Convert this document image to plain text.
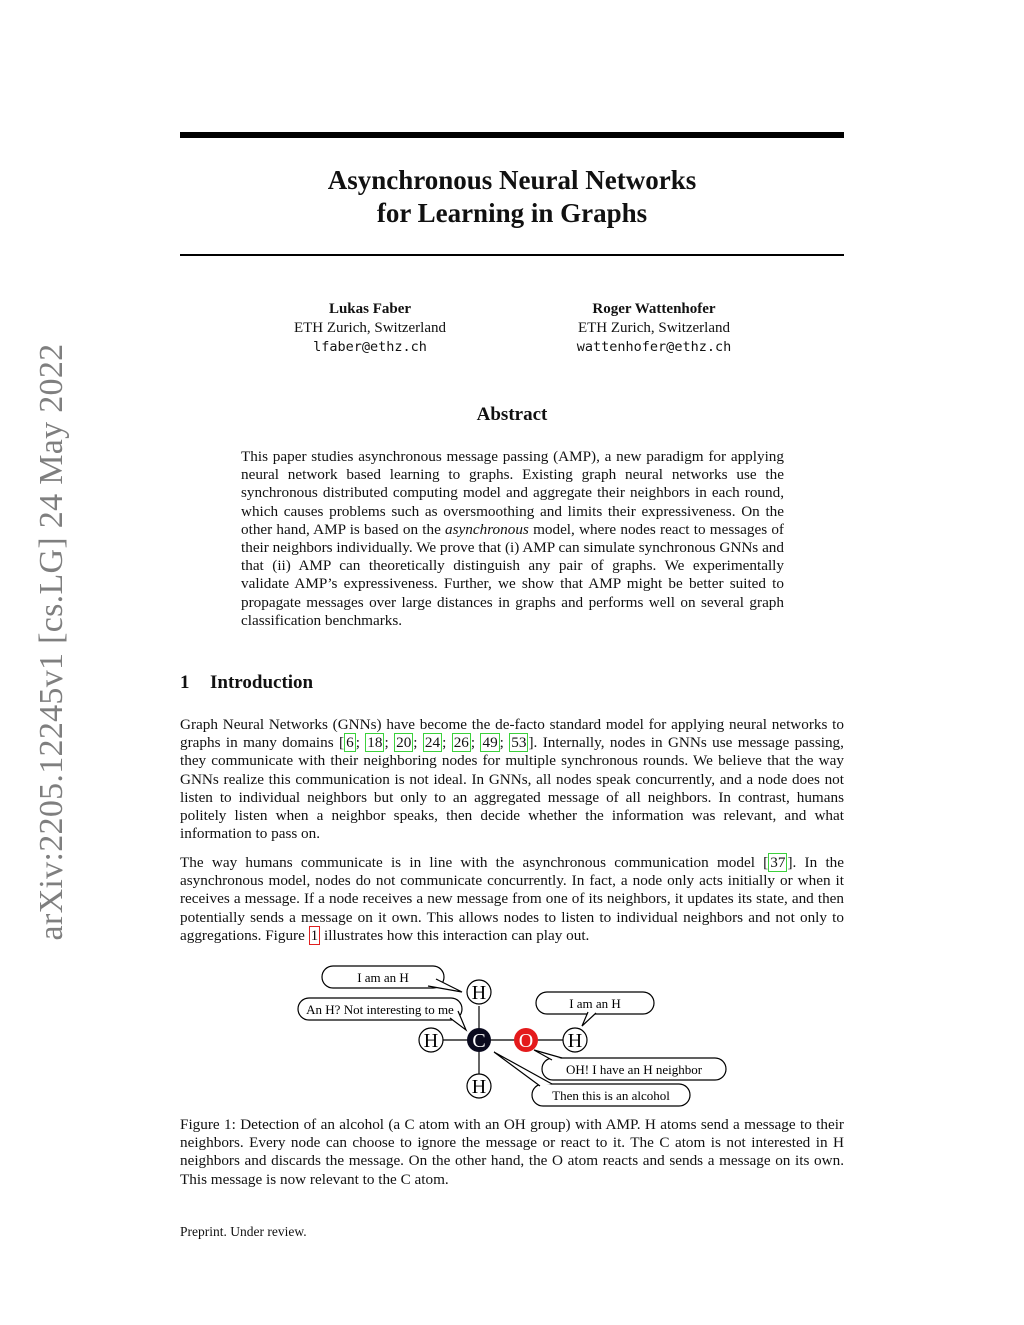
arXiv:2205.12245v1 [cs.LG] 24 May 2022
Asynchronous Neural Networks
for Learning in Graphs
Lukas Faber
ETH Zurich, Switzerland
lfaber@ethz.ch
Roger Wattenhofer
ETH Zurich, Switzerland
wattenhofer@ethz.ch
Abstract
This paper studies asynchronous message passing (AMP), a new paradigm for applying neural network based learning to graphs. Existing graph neural networks use the synchronous distributed computing model and aggregate their neighbors in each round, which causes problems such as oversmoothing and limits their expressiveness. On the other hand, AMP is based on the asynchronous model, where nodes react to messages of their neighbors individually. We prove that (i) AMP can simulate synchronous GNNs and that (ii) AMP can theoretically distinguish any pair of graphs. We experimentally validate AMP’s expressiveness. Further, we show that AMP might be better suited to propagate messages over large distances in graphs and performs well on several graph classification benchmarks.
1 Introduction
Graph Neural Networks (GNNs) have become the de-facto standard model for applying neural networks to graphs in many domains [ 6 ; 18 ; 20 ; 24 ; 26 ; 49 ; 53 ]. Internally, nodes in GNNs use message passing, they communicate with their neighboring nodes for multiple synchronous rounds. We believe that the way GNNs realize this communication is not ideal. In GNNs, all nodes speak concurrently, and a node does not listen to individual neighbors but only to an aggregated message of all neighbors. In contrast, humans politely listen when a neighbor speaks, then decide whether the information was relevant, and what information to pass on.
The way humans communicate is in line with the asynchronous communication model [ 37 ]. In the asynchronous model, nodes do not communicate concurrently. In fact, a node only acts initially or when it receives a message. If a node receives a new message from one of its neighbors, it updates its state, and then potentially sends a message on it own. This allows nodes to listen to individual neighbors and not only to aggregations. Figure 1 illustrates how this interaction can play out.
H
H C O H
H
I am an H
An H? Not interesting to me	I am an H
OH! I have an H neighbor
Then this is an alcohol
Figure 1: Detection of an alcohol (a C atom with an OH group) with AMP. H atoms send a message to their neighbors. Every node can choose to ignore the message or react to it. The C atom is not interested in H neighbors and discards the message. On the other hand, the O atom reacts and sends a message on its own. This message is now relevant to the C atom.
Preprint. Under review.
